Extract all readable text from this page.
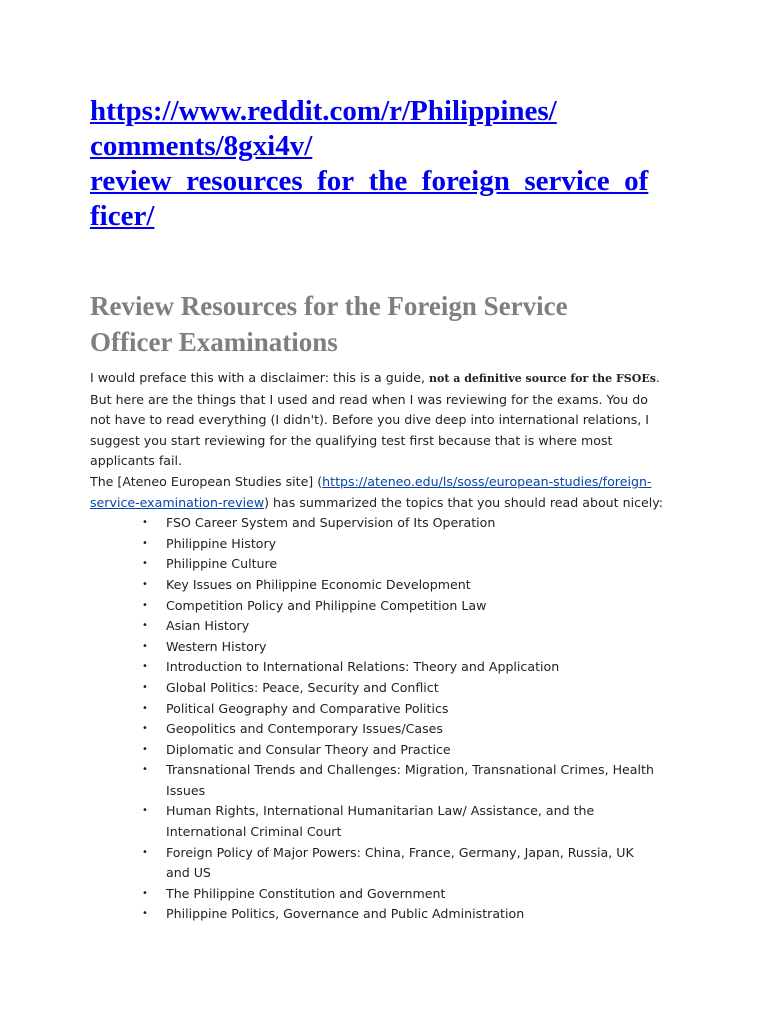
https://www.reddit.com/r/Philippines/
comments/8gxi4v/
review_resources_for_the_foreign_service_of
ficer/
Review Resources for the Foreign Service
Officer Examinations

I would preface this with a disclaimer: this is a guide, not a definitive source for the FSOEs. But here are the things that I used and read when I was reviewing for the exams. You do not have to read everything (I didn't). Before you dive deep into international relations, I suggest you start reviewing for the qualifying test first because that is where most applicants fail.

The [Ateneo European Studies site] (https://ateneo.edu/ls/soss/european-studies/foreign-service-examination-review) has summarized the topics that you should read about nicely:

• FSO Career System and Supervision of Its Operation
• Philippine History
• Philippine Culture
• Key Issues on Philippine Economic Development
• Competition Policy and Philippine Competition Law
• Asian History
• Western History
• Introduction to International Relations: Theory and Application
• Global Politics: Peace, Security and Conflict
• Political Geography and Comparative Politics
• Geopolitics and Contemporary Issues/Cases
• Diplomatic and Consular Theory and Practice
• Transnational Trends and Challenges: Migration, Transnational Crimes, Health Issues
• Human Rights, International Humanitarian Law/ Assistance, and the International Criminal Court
• Foreign Policy of Major Powers: China, France, Germany, Japan, Russia, UK and US
• The Philippine Constitution and Government
• Philippine Politics, Governance and Public Administration
